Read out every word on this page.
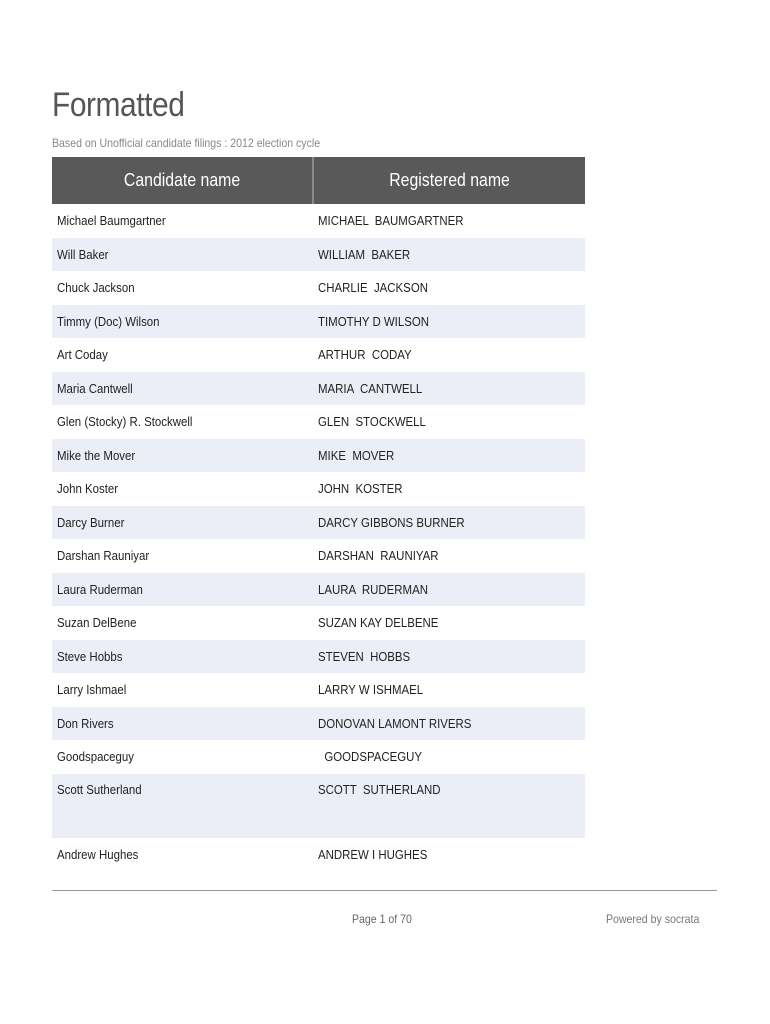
Formatted
Based on Unofficial candidate filings : 2012 election cycle
Candidate name	Registered name
Michael Baumgartner	MICHAEL  BAUMGARTNER
Will Baker	WILLIAM  BAKER
Chuck Jackson	CHARLIE  JACKSON
Timmy (Doc) Wilson	TIMOTHY D WILSON
Art Coday	ARTHUR  CODAY
Maria Cantwell	MARIA  CANTWELL
Glen (Stocky) R. Stockwell	GLEN  STOCKWELL
Mike the Mover	MIKE  MOVER
John Koster	JOHN  KOSTER
Darcy Burner	DARCY GIBBONS BURNER
Darshan Rauniyar	DARSHAN  RAUNIYAR
Laura Ruderman	LAURA  RUDERMAN
Suzan DelBene	SUZAN KAY DELBENE
Steve Hobbs	STEVEN  HOBBS
Larry Ishmael	LARRY W ISHMAEL
Don Rivers	DONOVAN LAMONT RIVERS
Goodspaceguy	GOODSPACEGUY
Scott Sutherland	SCOTT  SUTHERLAND
Andrew Hughes	ANDREW I HUGHES
Page 1 of 70	Powered by socrata
